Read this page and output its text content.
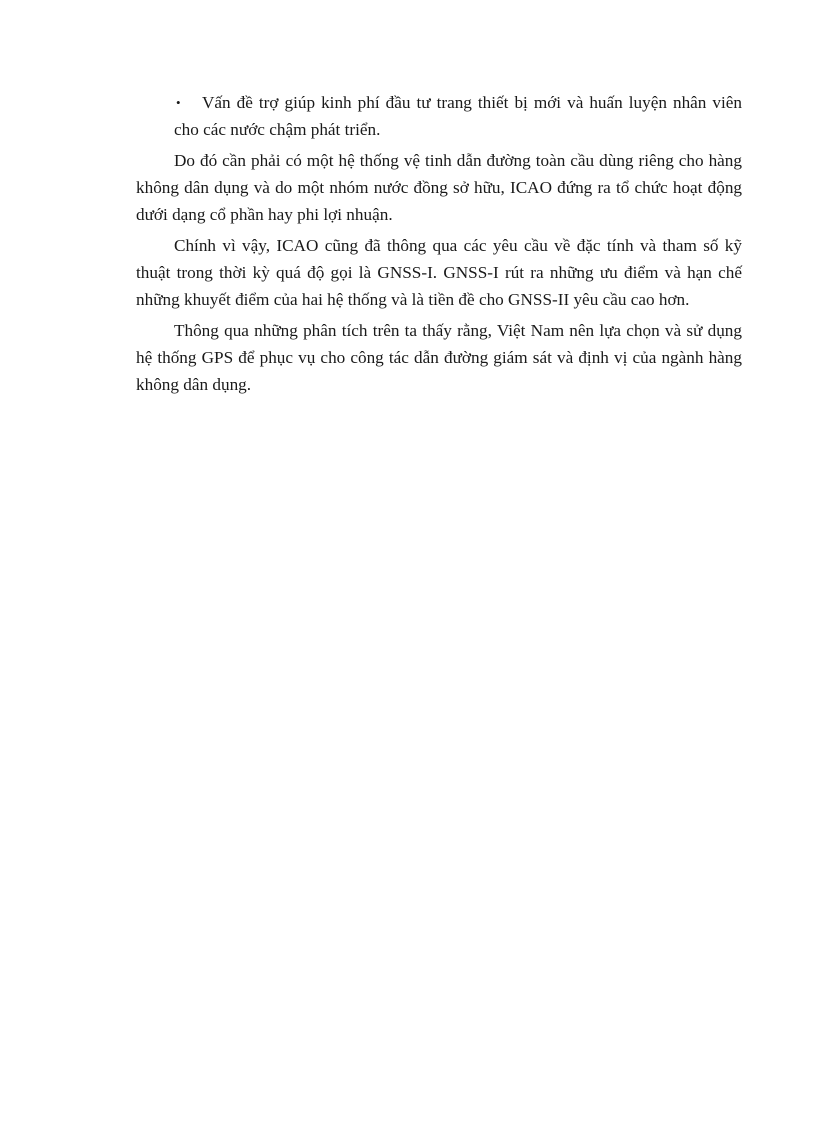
•	Vấn đề trợ giúp kinh phí đầu tư trang thiết bị mới và huấn luyện nhân viên cho các nước chậm phát triển.

Do đó cần phải có một hệ thống vệ tinh dẫn đường toàn cầu dùng riêng cho hàng không dân dụng và do một nhóm nước đồng sở hữu, ICAO đứng ra tổ chức hoạt động dưới dạng cổ phần hay phi lợi nhuận.

Chính vì vậy, ICAO cũng đã thông qua các yêu cầu về đặc tính và tham số kỹ thuật trong thời kỳ quá độ gọi là GNSS-I. GNSS-I rút ra những ưu điểm và hạn chế những khuyết điểm của hai hệ thống và là tiền đề cho GNSS-II yêu cầu cao hơn.

Thông qua những phân tích trên ta thấy rằng, Việt Nam nên lựa chọn và sử dụng hệ thống GPS để phục vụ cho công tác dẫn đường giám sát và định vị của ngành hàng không dân dụng.
